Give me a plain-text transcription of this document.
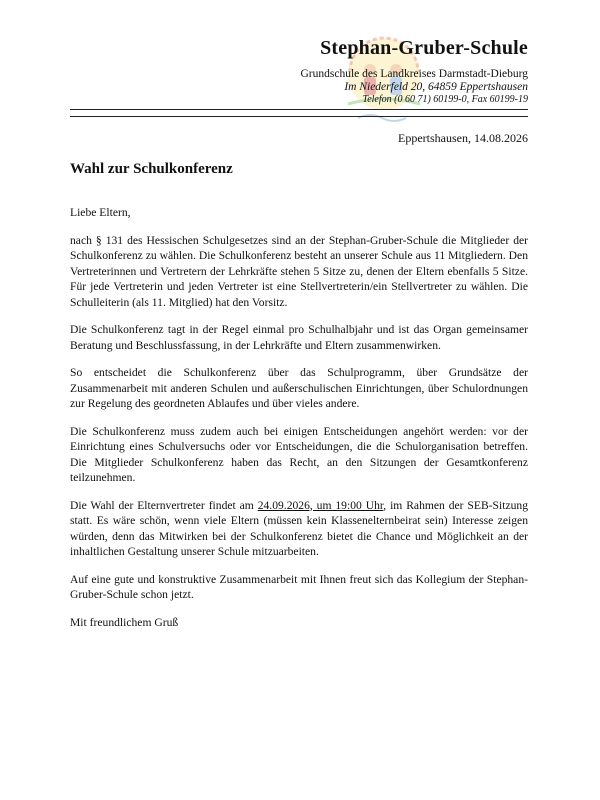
Stephan-Gruber-Schule
Grundschule des Landkreises Darmstadt-Dieburg
Im Niederfeld 20, 64859 Eppertshausen
Telefon (0 60 71) 60199-0, Fax 60199-19
Eppertshausen, 14.08.2026
Wahl zur Schulkonferenz

Liebe Eltern,

nach § 131 des Hessischen Schulgesetzes sind an der Stephan-Gruber-Schule die Mitglieder der Schulkonferenz zu wählen. Die Schulkonferenz besteht an unserer Schule aus 11 Mitgliedern. Den Vertreterinnen und Vertretern der Lehrkräfte stehen 5 Sitze zu, denen der Eltern ebenfalls 5 Sitze. Für jede Vertreterin und jeden Vertreter ist eine Stellvertreterin/ein Stellvertreter zu wählen. Die Schulleiterin (als 11. Mitglied) hat den Vorsitz.

Die Schulkonferenz tagt in der Regel einmal pro Schulhalbjahr und ist das Organ gemeinsamer Beratung und Beschlussfassung, in der Lehrkräfte und Eltern zusammenwirken.

So entscheidet die Schulkonferenz über das Schulprogramm, über Grundsätze der Zusammenarbeit mit anderen Schulen und außerschulischen Einrichtungen, über Schulordnungen zur Regelung des geordneten Ablaufes und über vieles andere.

Die Schulkonferenz muss zudem auch bei einigen Entscheidungen angehört werden: vor der Einrichtung eines Schulversuchs oder vor Entscheidungen, die die Schulorganisation betreffen. Die Mitglieder Schulkonferenz haben das Recht, an den Sitzungen der Gesamtkonferenz teilzunehmen.

Die Wahl der Elternvertreter findet am 24.09.2026, um 19:00 Uhr, im Rahmen der SEB-Sitzung statt. Es wäre schön, wenn viele Eltern (müssen kein Klassenelternbeirat sein) Interesse zeigen würden, denn das Mitwirken bei der Schulkonferenz bietet die Chance und Möglichkeit an der inhaltlichen Gestaltung unserer Schule mitzuarbeiten.

Auf eine gute und konstruktive Zusammenarbeit mit Ihnen freut sich das Kollegium der Stephan-Gruber-Schule schon jetzt.

Mit freundlichem Gruß
